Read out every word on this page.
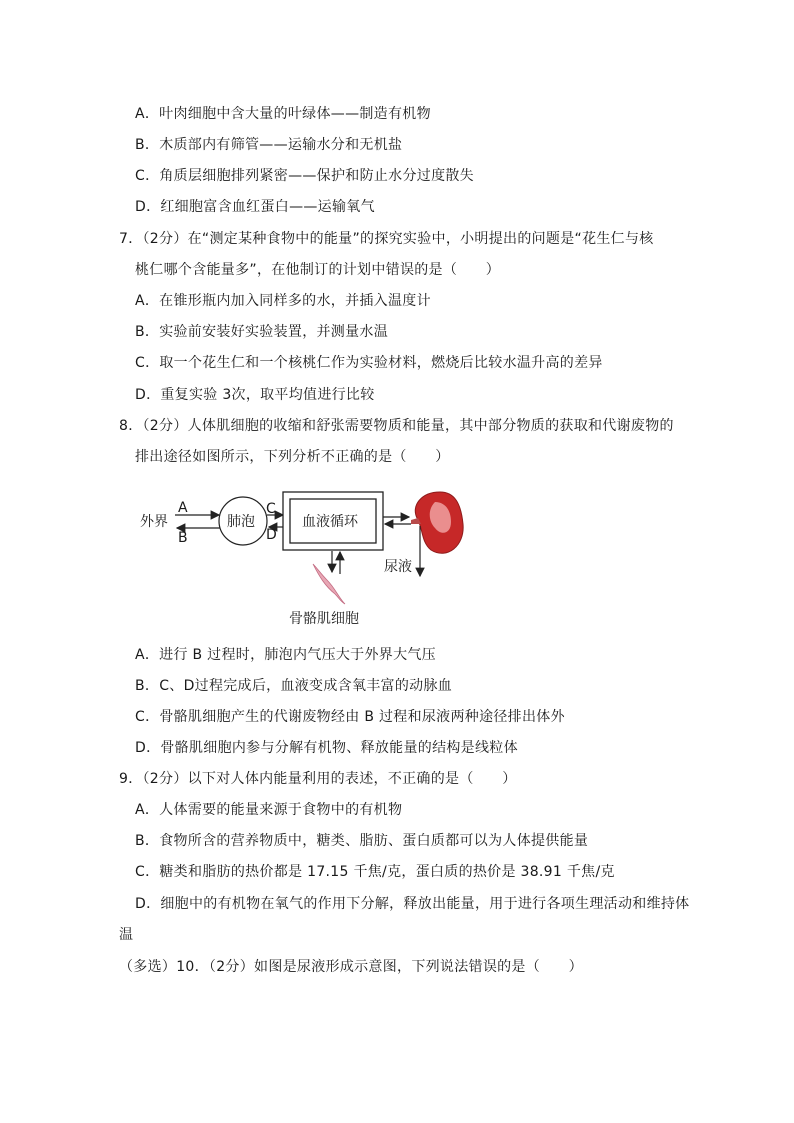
A．叶肉细胞中含大量的叶绿体——制造有机物
B．木质部内有筛管——运输水分和无机盐
C．角质层细胞排列紧密——保护和防止水分过度散失
D．红细胞富含血红蛋白——运输氧气
7．（2分）在“测定某种食物中的能量”的探究实验中，小明提出的问题是“花生仁与核
桃仁哪个含能量多”，在他制订的计划中错误的是（　　）
A．在锥形瓶内加入同样多的水，并插入温度计
B．实验前安装好实验装置，并测量水温
C．取一个花生仁和一个核桃仁作为实验材料，燃烧后比较水温升高的差异
D．重复实验 3次，取平均值进行比较
8．（2分）人体肌细胞的收缩和舒张需要物质和能量，其中部分物质的获取和代谢废物的
排出途径如图所示，下列分析不正确的是（　　）
外界
A
B
C
D
肺泡	血液循环
尿液
骨骼肌细胞
A．进行 B 过程时，肺泡内气压大于外界大气压
B．C、D过程完成后，血液变成含氧丰富的动脉血
C．骨骼肌细胞产生的代谢废物经由 B 过程和尿液两种途径排出体外
D．骨骼肌细胞内参与分解有机物、释放能量的结构是线粒体
9．（2分）以下对人体内能量利用的表述，不正确的是（　　）
A．人体需要的能量来源于食物中的有机物
B．食物所含的营养物质中，糖类、脂肪、蛋白质都可以为人体提供能量
C．糖类和脂肪的热价都是 17.15 千焦/克，蛋白质的热价是 38.91 千焦/克
D．细胞中的有机物在氧气的作用下分解，释放出能量，用于进行各项生理活动和维持体
温
（多选）10．（2分）如图是尿液形成示意图，下列说法错误的是（　　）
